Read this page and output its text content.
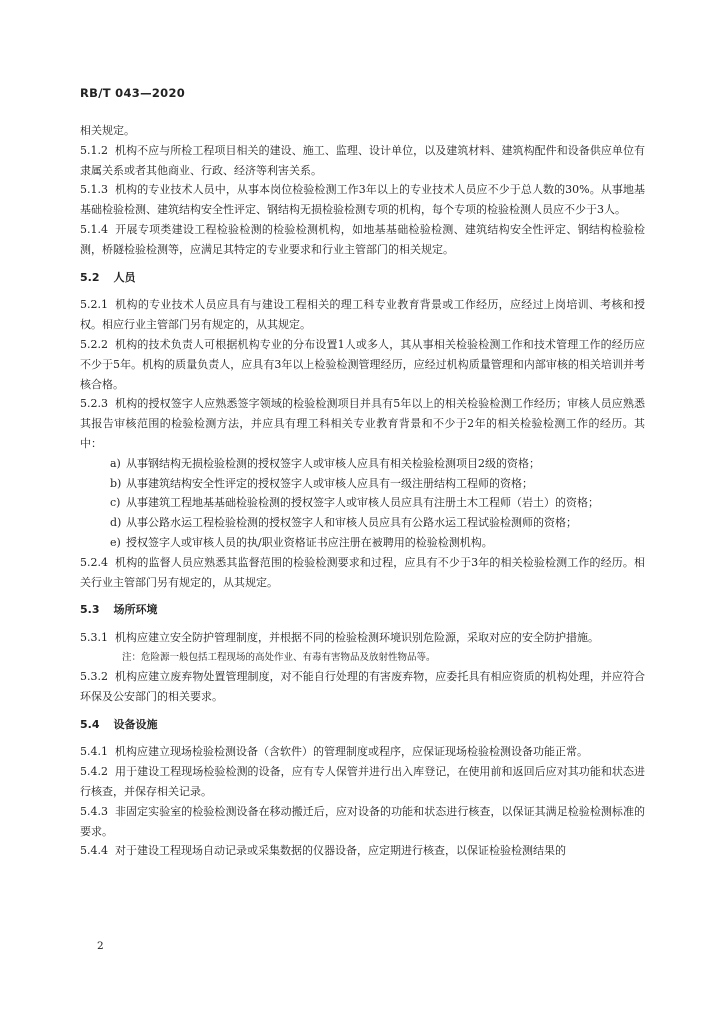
RB/T 043—2020

相关规定。

5.1.2 机构不应与所检工程项目相关的建设、施工、监理、设计单位，以及建筑材料、建筑构配件和设备供应单位有隶属关系或者其他商业、行政、经济等利害关系。

5.1.3 机构的专业技术人员中，从事本岗位检验检测工作3年以上的专业技术人员应不少于总人数的30%。从事地基基础检验检测、建筑结构安全性评定、钢结构无损检验检测专项的机构，每个专项的检验检测人员应不少于3人。

5.1.4 开展专项类建设工程检验检测的检验检测机构，如地基基础检验检测、建筑结构安全性评定、钢结构检验检测，桥隧检验检测等，应满足其特定的专业要求和行业主管部门的相关规定。

5.2 人员

5.2.1 机构的专业技术人员应具有与建设工程相关的理工科专业教育背景或工作经历，应经过上岗培训、考核和授权。相应行业主管部门另有规定的，从其规定。

5.2.2 机构的技术负责人可根据机构专业的分布设置1人或多人，其从事相关检验检测工作和技术管理工作的经历应不少于5年。机构的质量负责人，应具有3年以上检验检测管理经历，应经过机构质量管理和内部审核的相关培训并考核合格。

5.2.3 机构的授权签字人应熟悉签字领域的检验检测项目并具有5年以上的相关检验检测工作经历；审核人员应熟悉其报告审核范围的检验检测方法，并应具有理工科相关专业教育背景和不少于2年的相关检验检测工作的经历。其中：

a) 从事钢结构无损检验检测的授权签字人或审核人应具有相关检验检测项目2级的资格；
b) 从事建筑结构安全性评定的授权签字人或审核人应具有一级注册结构工程师的资格；
c) 从事建筑工程地基基础检验检测的授权签字人或审核人员应具有注册土木工程师（岩土）的资格；
d) 从事公路水运工程检验检测的授权签字人和审核人员应具有公路水运工程试验检测师的资格；
e) 授权签字人或审核人员的执/职业资格证书应注册在被聘用的检验检测机构。

5.2.4 机构的监督人员应熟悉其监督范围的检验检测要求和过程，应具有不少于3年的相关检验检测工作的经历。相关行业主管部门另有规定的，从其规定。

5.3 场所环境

5.3.1 机构应建立安全防护管理制度，并根据不同的检验检测环境识别危险源，采取对应的安全防护措施。

注：危险源一般包括工程现场的高处作业、有毒有害物品及放射性物品等。

5.3.2 机构应建立废弃物处置管理制度，对不能自行处理的有害废弃物，应委托具有相应资质的机构处理，并应符合环保及公安部门的相关要求。

5.4 设备设施

5.4.1 机构应建立现场检验检测设备（含软件）的管理制度或程序，应保证现场检验检测设备功能正常。

5.4.2 用于建设工程现场检验检测的设备，应有专人保管并进行出入库登记，在使用前和返回后应对其功能和状态进行核查，并保存相关记录。

5.4.3 非固定实验室的检验检测设备在移动搬迁后，应对设备的功能和状态进行核查，以保证其满足检验检测标准的要求。

5.4.4 对于建设工程现场自动记录或采集数据的仪器设备，应定期进行核查，以保证检验检测结果的

2
